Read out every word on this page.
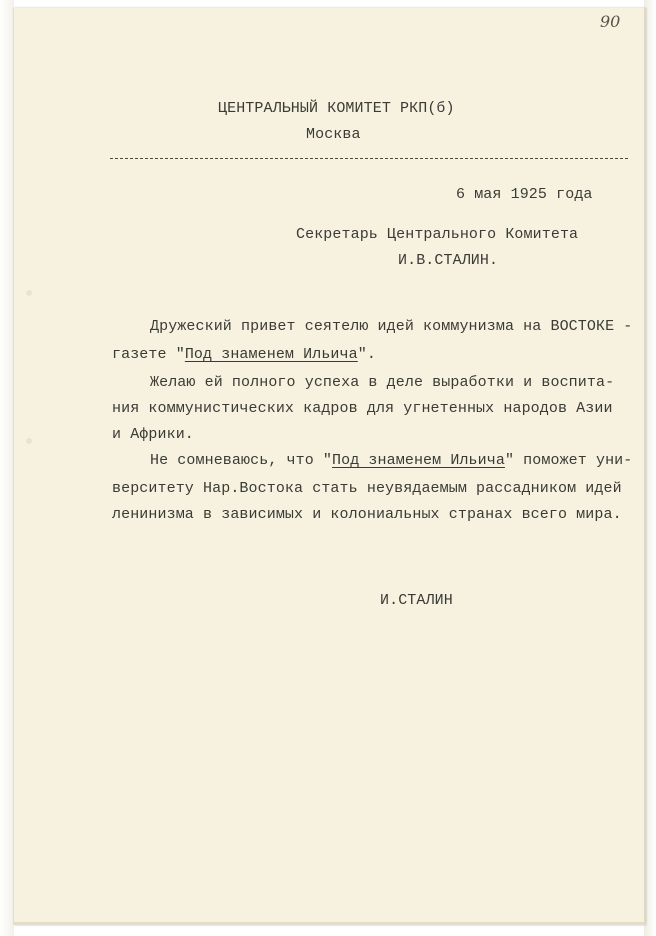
90
ЦЕНТРАЛЬНЫЙ КОМИТЕТ РКП(б)
Москва
6 мая 1925 года
Секретарь Центрального Комитета
И.В.СТАЛИН.
Дружеский привет сеятелю идей коммунизма на ВОСТОКЕ -
газете "Под знаменем Ильича".
Желаю ей полного успеха в деле выработки и воспита-
ния коммунистических кадров для угнетенных народов Азии
и Африки.
Не сомневаюсь, что "Под знаменем Ильича" поможет уни-
верситету Нар.Востока стать неувядаемым рассадником идей
ленинизма в зависимых и колониальных странах всего мира.
И.СТАЛИН
